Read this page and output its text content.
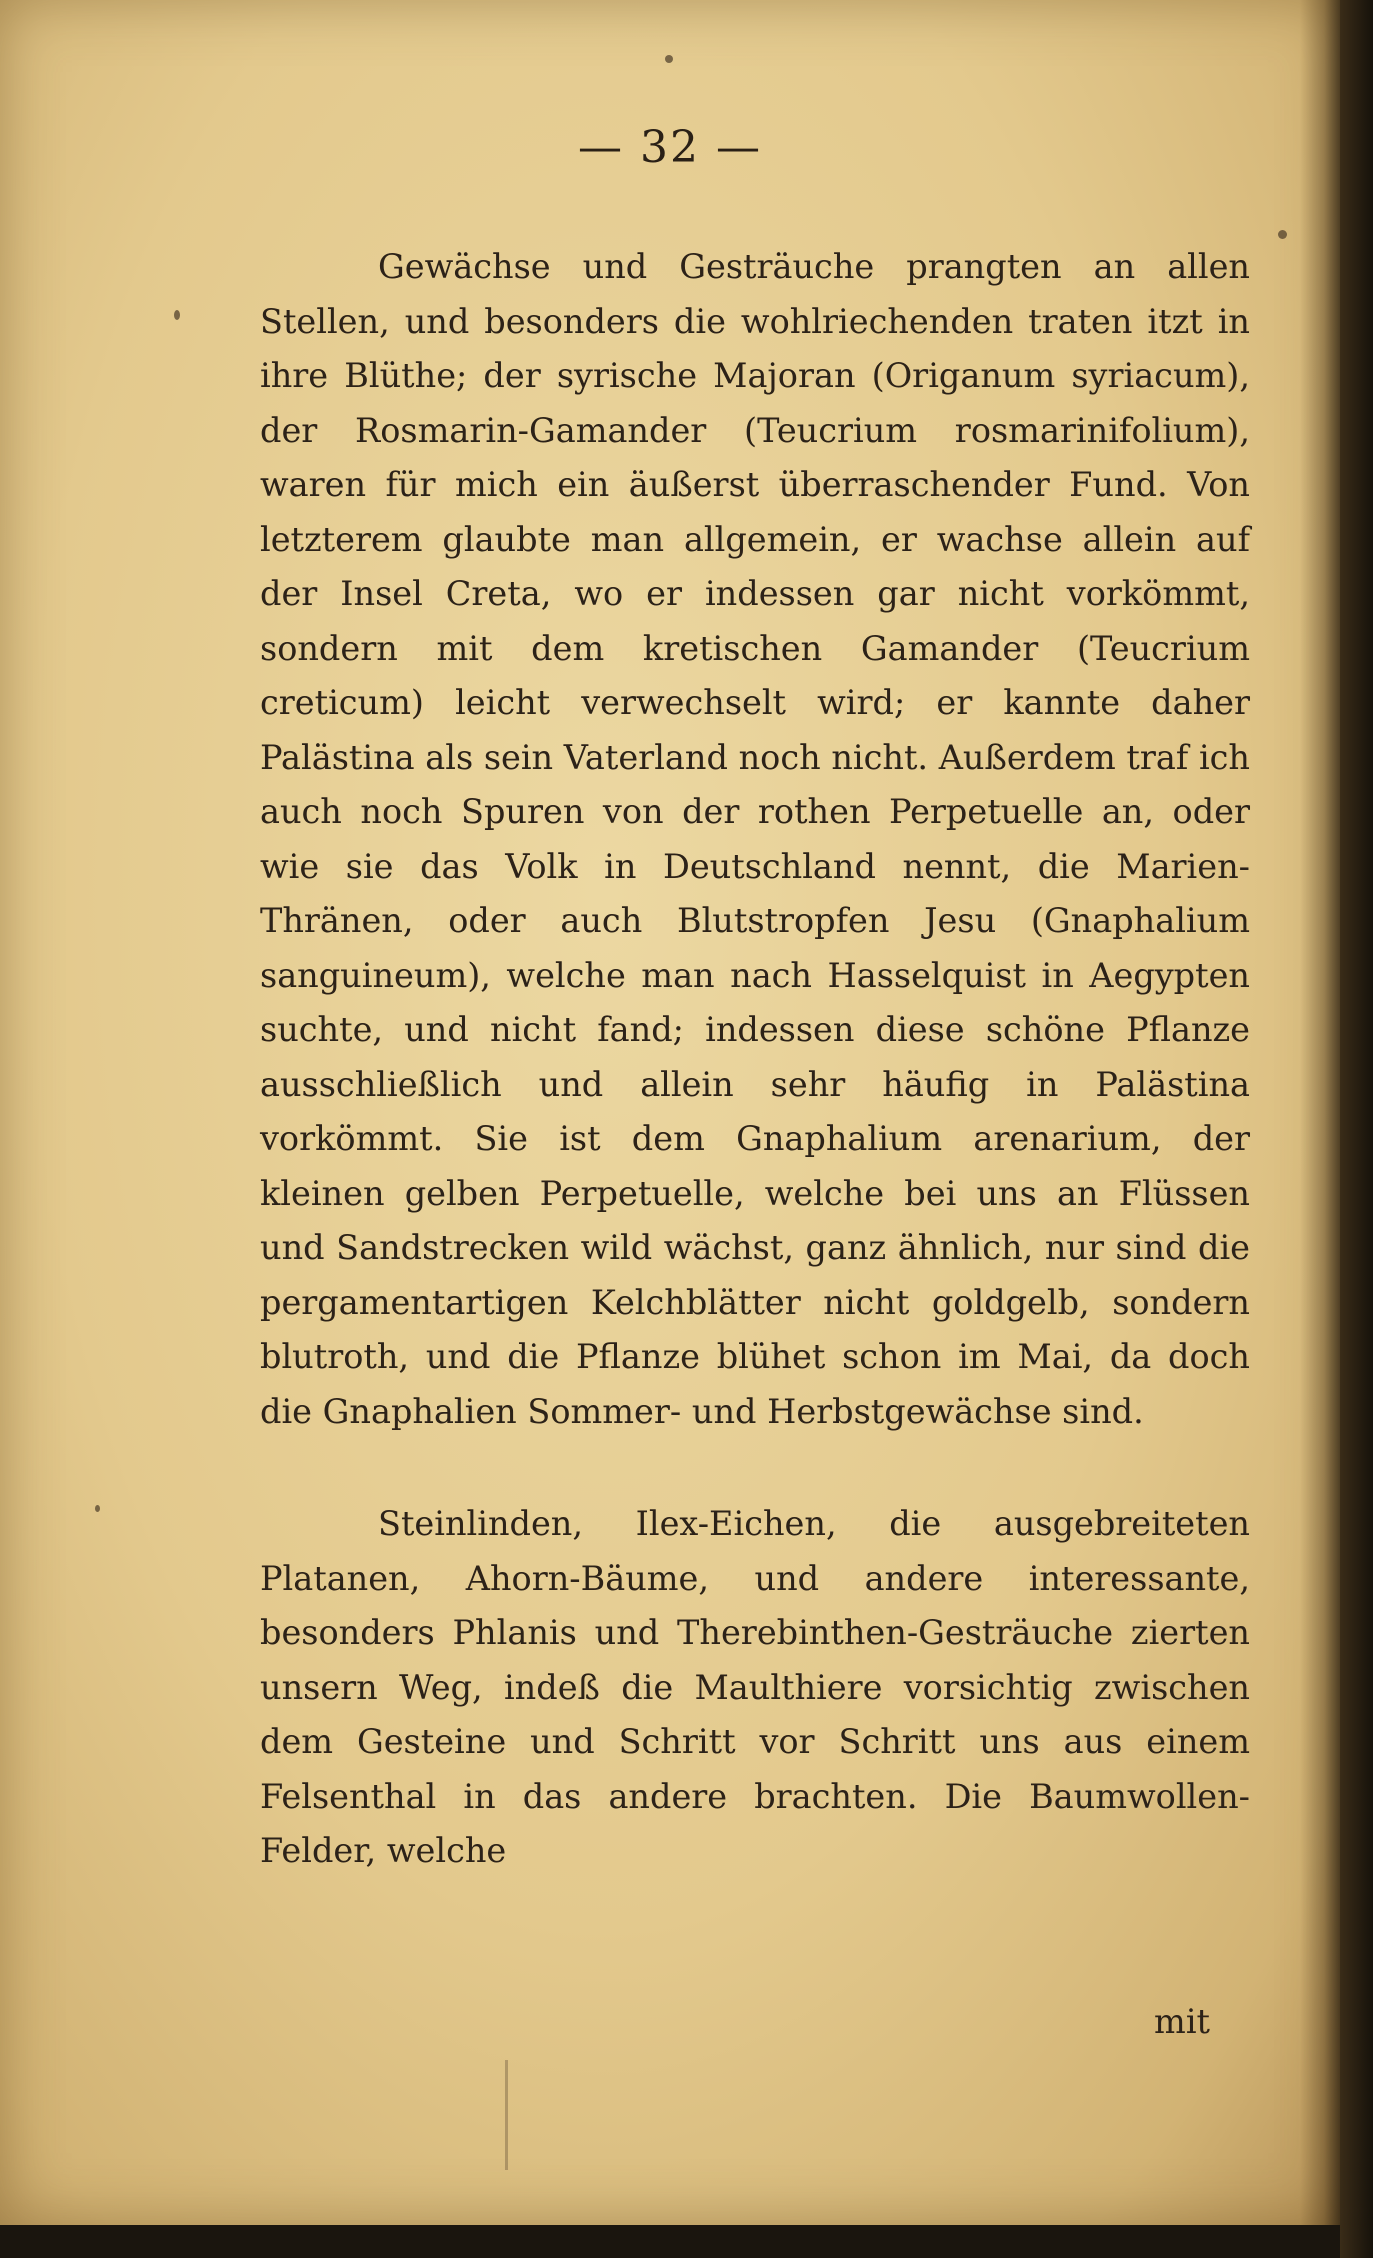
— 32 —

Gewächse und Gesträuche prangten an allen Stellen, und besonders die wohlriechenden traten itzt in ihre Blüthe; der syrische Majoran (Origanum syriacum), der Rosmarin-Gamander (Teucrium rosmarinifolium), waren für mich ein äußerst überraschender Fund. Von letzterem glaubte man allgemein, er wachse allein auf der Insel Creta, wo er indessen gar nicht vorkömmt, sondern mit dem kretischen Gamander (Teucrium creticum) leicht verwechselt wird; er kannte daher Palästina als sein Vaterland noch nicht. Außerdem traf ich auch noch Spuren von der rothen Perpetuelle an, oder wie sie das Volk in Deutschland nennt, die Marien-Thränen, oder auch Blutstropfen Jesu (Gnaphalium sanguineum), welche man nach Hasselquist in Aegypten suchte, und nicht fand; indessen diese schöne Pflanze ausschließlich und allein sehr häufig in Palästina vorkömmt. Sie ist dem Gnaphalium arenarium, der kleinen gelben Perpetuelle, welche bei uns an Flüssen und Sandstrecken wild wächst, ganz ähnlich, nur sind die pergamentartigen Kelchblätter nicht goldgelb, sondern blutroth, und die Pflanze blühet schon im Mai, da doch die Gnaphalien Sommer- und Herbstgewächse sind.

Steinlinden, Ilex-Eichen, die ausgebreiteten Platanen, Ahorn-Bäume, und andere interessante, besonders Phlanis und Therebinthen-Gesträuche zierten unsern Weg, indeß die Maulthiere vorsichtig zwischen dem Gesteine und Schritt vor Schritt uns aus einem Felsenthal in das andere brachten. Die Baumwollen-Felder, welche

mit
